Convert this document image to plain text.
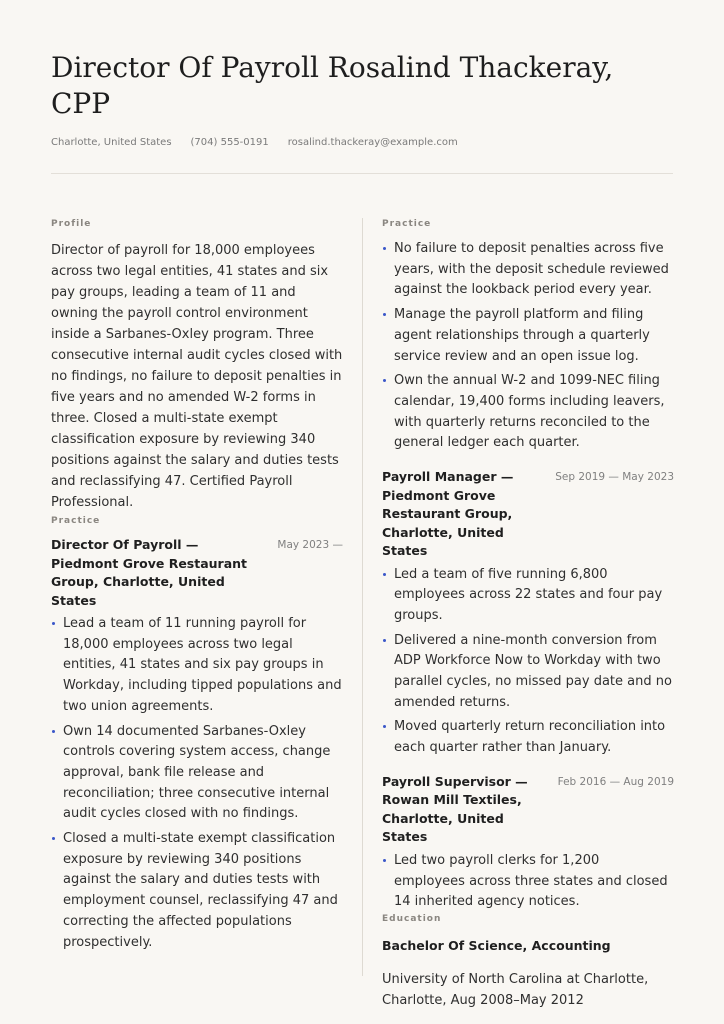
Director Of Payroll Rosalind Thackeray, CPP
Charlotte, United States (704) 555-0191 rosalind.thackeray@example.com

Profile

Director of payroll for 18,000 employees across two legal entities, 41 states and six pay groups, leading a team of 11 and owning the payroll control environment inside a Sarbanes-Oxley program. Three consecutive internal audit cycles closed with no findings, no failure to deposit penalties in five years and no amended W-2 forms in three. Closed a multi-state exempt classification exposure by reviewing 340 positions against the salary and duties tests and reclassifying 47. Certified Payroll Professional.

Practice

Director Of Payroll — Piedmont Grove Restaurant Group, Charlotte, United States
May 2023 —
Lead a team of 11 running payroll for 18,000 employees across two legal entities, 41 states and six pay groups in Workday, including tipped populations and two union agreements.
Own 14 documented Sarbanes-Oxley controls covering system access, change approval, bank file release and reconciliation; three consecutive internal audit cycles closed with no findings.
Closed a multi-state exempt classification exposure by reviewing 340 positions against the salary and duties tests with employment counsel, reclassifying 47 and correcting the affected populations prospectively.

Practice

No failure to deposit penalties across five years, with the deposit schedule reviewed against the lookback period every year.
Manage the payroll platform and filing agent relationships through a quarterly service review and an open issue log.
Own the annual W-2 and 1099-NEC filing calendar, 19,400 forms including leavers, with quarterly returns reconciled to the general ledger each quarter.
Payroll Manager — Piedmont Grove Restaurant Group, Charlotte, United States
Sep 2019 — May 2023
Led a team of five running 6,800 employees across 22 states and four pay groups.
Delivered a nine-month conversion from ADP Workforce Now to Workday with two parallel cycles, no missed pay date and no amended returns.
Moved quarterly return reconciliation into each quarter rather than January.
Payroll Supervisor — Rowan Mill Textiles, Charlotte, United States
Feb 2016 — Aug 2019
Led two payroll clerks for 1,200 employees across three states and closed 14 inherited agency notices.

Education

Bachelor Of Science, Accounting

University of North Carolina at Charlotte, Charlotte, Aug 2008–May 2012
